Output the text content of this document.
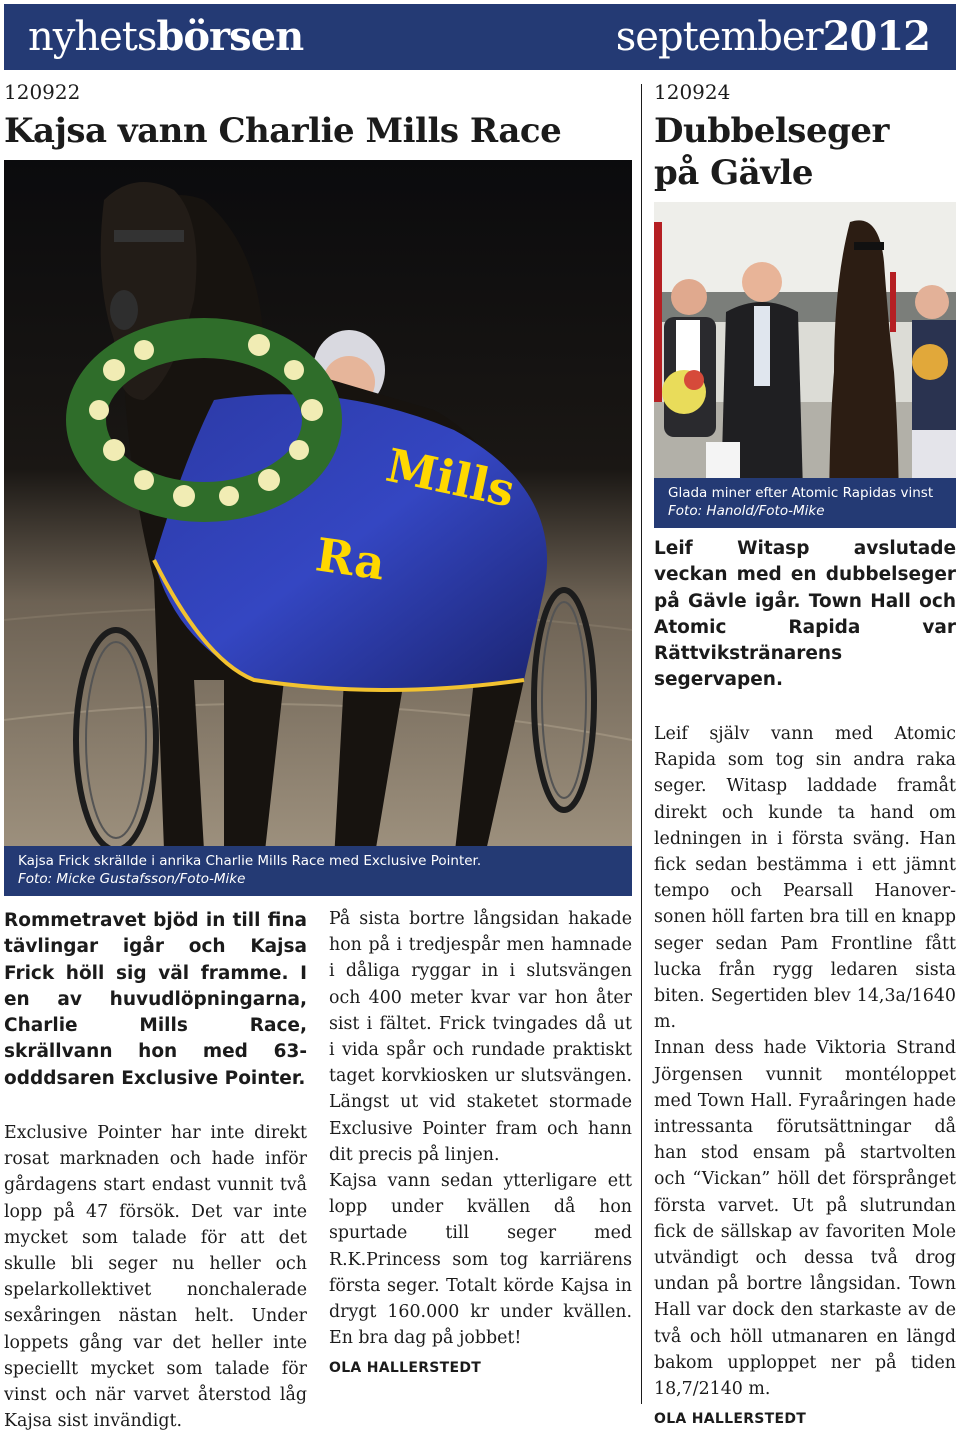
nyhetsbörsen	september2012
120922
Kajsa vann Charlie Mills Race
Mills
Ra
Kajsa Frick skrällde i anrika Charlie Mills Race med Exclusive Pointer.
Foto: Micke Gustafsson/Foto-Mike
Rommetravet bjöd in till fina tävlingar igår och Kajsa Frick höll sig väl framme. I en av huvudlöpningarna, Charlie Mills Race, skrällvann hon med 63-odddsaren Exclusive Pointer.

Exclusive Pointer har inte direkt rosat marknaden och hade inför gårdagens start endast vunnit två lopp på 47 försök. Det var inte mycket som talade för att det skulle bli seger nu heller och spelarkollektivet nonchalerade sexåringen nästan helt. Under loppets gång var det heller inte speciellt mycket som talade för vinst och när varvet återstod låg Kajsa sist invändigt.

På sista bortre långsidan hakade hon på i tredjespår men hamnade i dåliga ryggar in i slutsvängen och 400 meter kvar var hon åter sist i fältet. Frick tvingades då ut i vida spår och rundade praktiskt taget korvkiosken ur slutsvängen. Längst ut vid staketet stormade Exclusive Pointer fram och hann dit precis på linjen.

Kajsa vann sedan ytterligare ett lopp under kvällen då hon spurtade till seger med R.K.Princess som tog karriärens första seger. Totalt körde Kajsa in drygt 160.000 kr under kvällen. En bra dag på jobbet!

OLA HALLERSTEDT
120924
Dubbelseger på Gävle
Glada miner efter Atomic Rapidas vinst
Foto: Hanold/Foto-Mike
Leif Witasp avslutade veckan med en dubbelseger på Gävle igår. Town Hall och Atomic Rapida var Rättvikstränarens segervapen.

Leif själv vann med Atomic Rapida som tog sin andra raka seger. Witasp laddade framåt direkt och kunde ta hand om ledningen in i första sväng. Han fick sedan bestämma i ett jämnt tempo och Pearsall Hanover-sonen höll farten bra till en knapp seger sedan Pam Frontline fått lucka från rygg ledaren sista biten. Segertiden blev 14,3a/1640 m.

Innan dess hade Viktoria Strand Jörgensen vunnit montéloppet med Town Hall. Fyraåringen hade intressanta förutsättningar då han stod ensam på startvolten och “Vickan” höll det försprånget första varvet. Ut på slutrundan fick de sällskap av favoriten Mole utvändigt och dessa två drog undan på bortre långsidan. Town Hall var dock den starkaste av de två och höll utmanaren en längd bakom upploppet ner på tiden 18,7/2140 m.

OLA HALLERSTEDT
